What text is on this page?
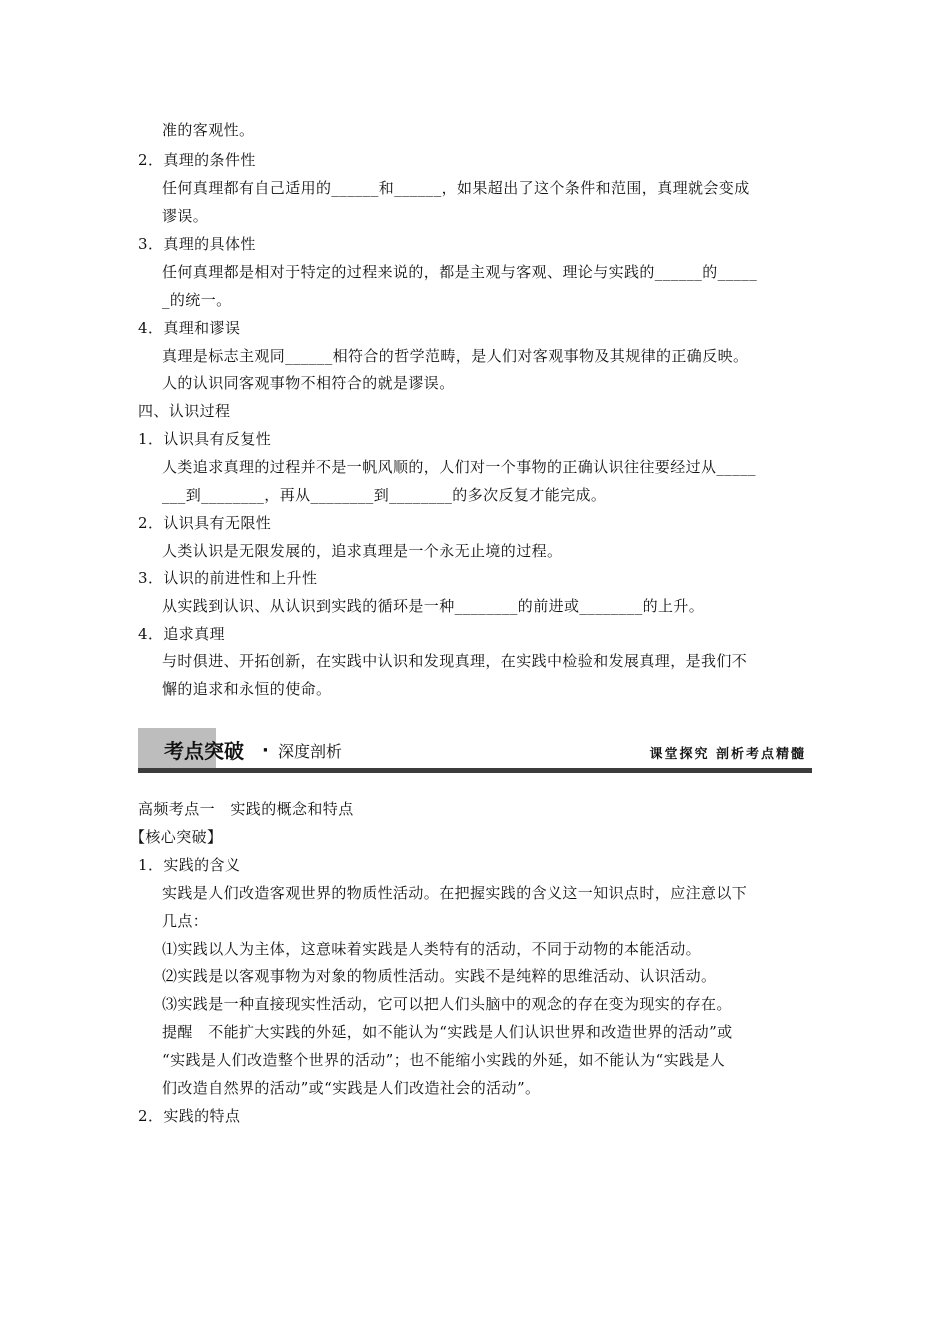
准的客观性。
2．真理的条件性
任何真理都有自己适用的______和______，如果超出了这个条件和范围，真理就会变成
谬误。
3．真理的具体性
任何真理都是相对于特定的过程来说的，都是主观与客观、理论与实践的______的_____
_的统一。
4．真理和谬误
真理是标志主观同______相符合的哲学范畴，是人们对客观事物及其规律的正确反映。
人的认识同客观事物不相符合的就是谬误。
四、认识过程
1．认识具有反复性
人类追求真理的过程并不是一帆风顺的，人们对一个事物的正确认识往往要经过从_____
___到________，再从________到________的多次反复才能完成。
2．认识具有无限性
人类认识是无限发展的，追求真理是一个永无止境的过程。
3．认识的前进性和上升性
从实践到认识、从认识到实践的循环是一种________的前进或________的上升。
4．追求真理
与时俱进、开拓创新，在实践中认识和发现真理，在实践中检验和发展真理，是我们不
懈的追求和永恒的使命。
考点突破 · 深度剖析	课堂探究 剖析考点精髓
高频考点一　实践的概念和特点
【核心突破】
1．实践的含义
实践是人们改造客观世界的物质性活动。在把握实践的含义这一知识点时，应注意以下
几点：
⑴实践以人为主体，这意味着实践是人类特有的活动，不同于动物的本能活动。
⑵实践是以客观事物为对象的物质性活动。实践不是纯粹的思维活动、认识活动。
⑶实践是一种直接现实性活动，它可以把人们头脑中的观念的存在变为现实的存在。
提醒　不能扩大实践的外延，如不能认为“实践是人们认识世界和改造世界的活动”或
“实践是人们改造整个世界的活动”；也不能缩小实践的外延，如不能认为“实践是人
们改造自然界的活动”或“实践是人们改造社会的活动”。
2．实践的特点
